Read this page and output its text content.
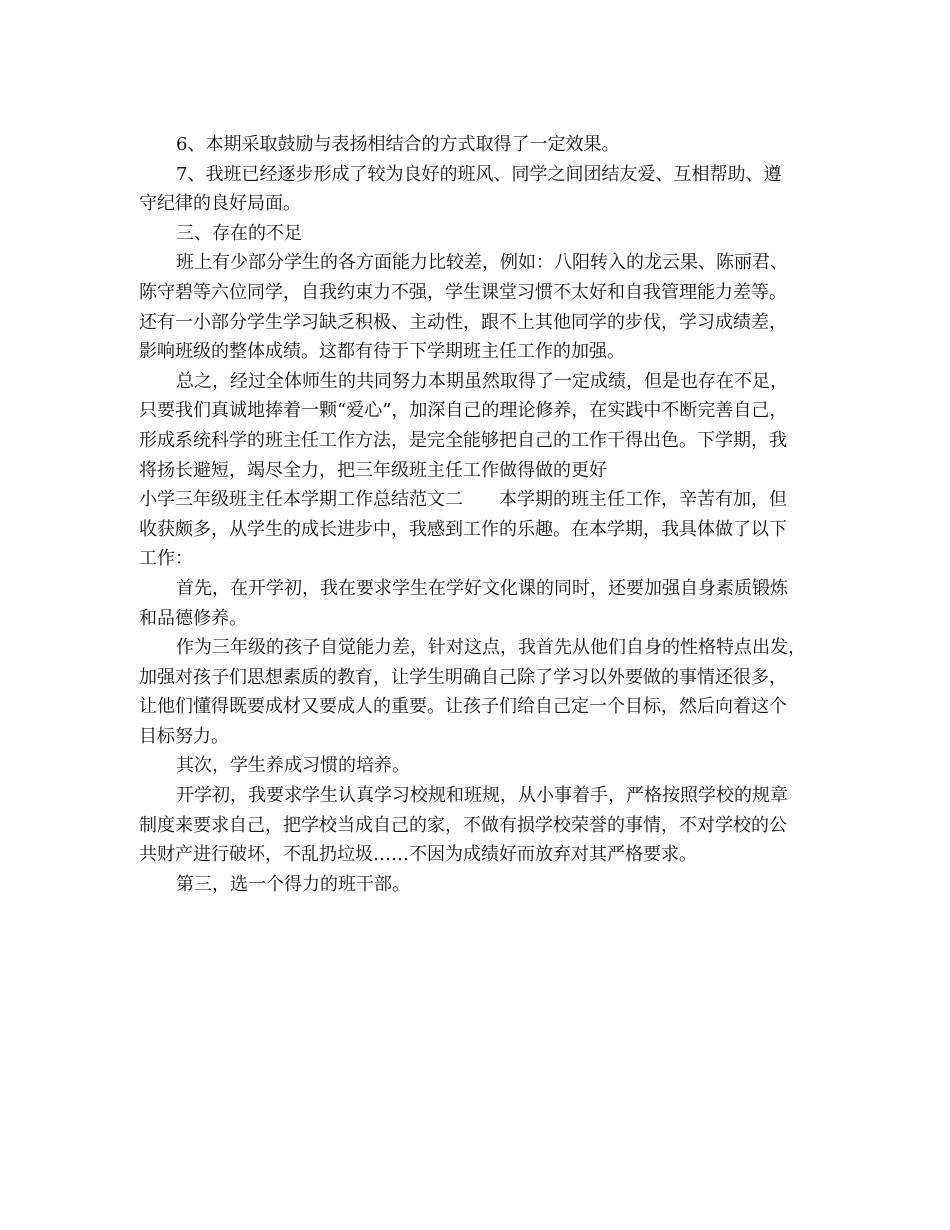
6、本期采取鼓励与表扬相结合的方式取得了一定效果。
7、我班已经逐步形成了较为良好的班风、同学之间团结友爱、互相帮助、遵
守纪律的良好局面。
三、存在的不足
班上有少部分学生的各方面能力比较差，例如：八阳转入的龙云果、陈丽君、
陈守碧等六位同学，自我约束力不强，学生课堂习惯不太好和自我管理能力差等。
还有一小部分学生学习缺乏积极、主动性，跟不上其他同学的步伐，学习成绩差，
影响班级的整体成绩。这都有待于下学期班主任工作的加强。
总之，经过全体师生的共同努力本期虽然取得了一定成绩，但是也存在不足，
只要我们真诚地捧着一颗“爱心”，加深自己的理论修养，在实践中不断完善自己，
形成系统科学的班主任工作方法，是完全能够把自己的工作干得出色。下学期，我
将扬长避短，竭尽全力，把三年级班主任工作做得做的更好
小学三年级班主任本学期工作总结范文二 本学期的班主任工作，辛苦有加，但
收获颇多，从学生的成长进步中，我感到工作的乐趣。在本学期，我具体做了以下
工作：
首先，在开学初，我在要求学生在学好文化课的同时，还要加强自身素质锻炼
和品德修养。
作为三年级的孩子自觉能力差，针对这点，我首先从他们自身的性格特点出发，
加强对孩子们思想素质的教育，让学生明确自己除了学习以外要做的事情还很多，
让他们懂得既要成材又要成人的重要。让孩子们给自己定一个目标，然后向着这个
目标努力。
其次，学生养成习惯的培养。
开学初，我要求学生认真学习校规和班规，从小事着手，严格按照学校的规章
制度来要求自己，把学校当成自己的家，不做有损学校荣誉的事情，不对学校的公
共财产进行破坏，不乱扔垃圾……不因为成绩好而放弃对其严格要求。
第三，选一个得力的班干部。
